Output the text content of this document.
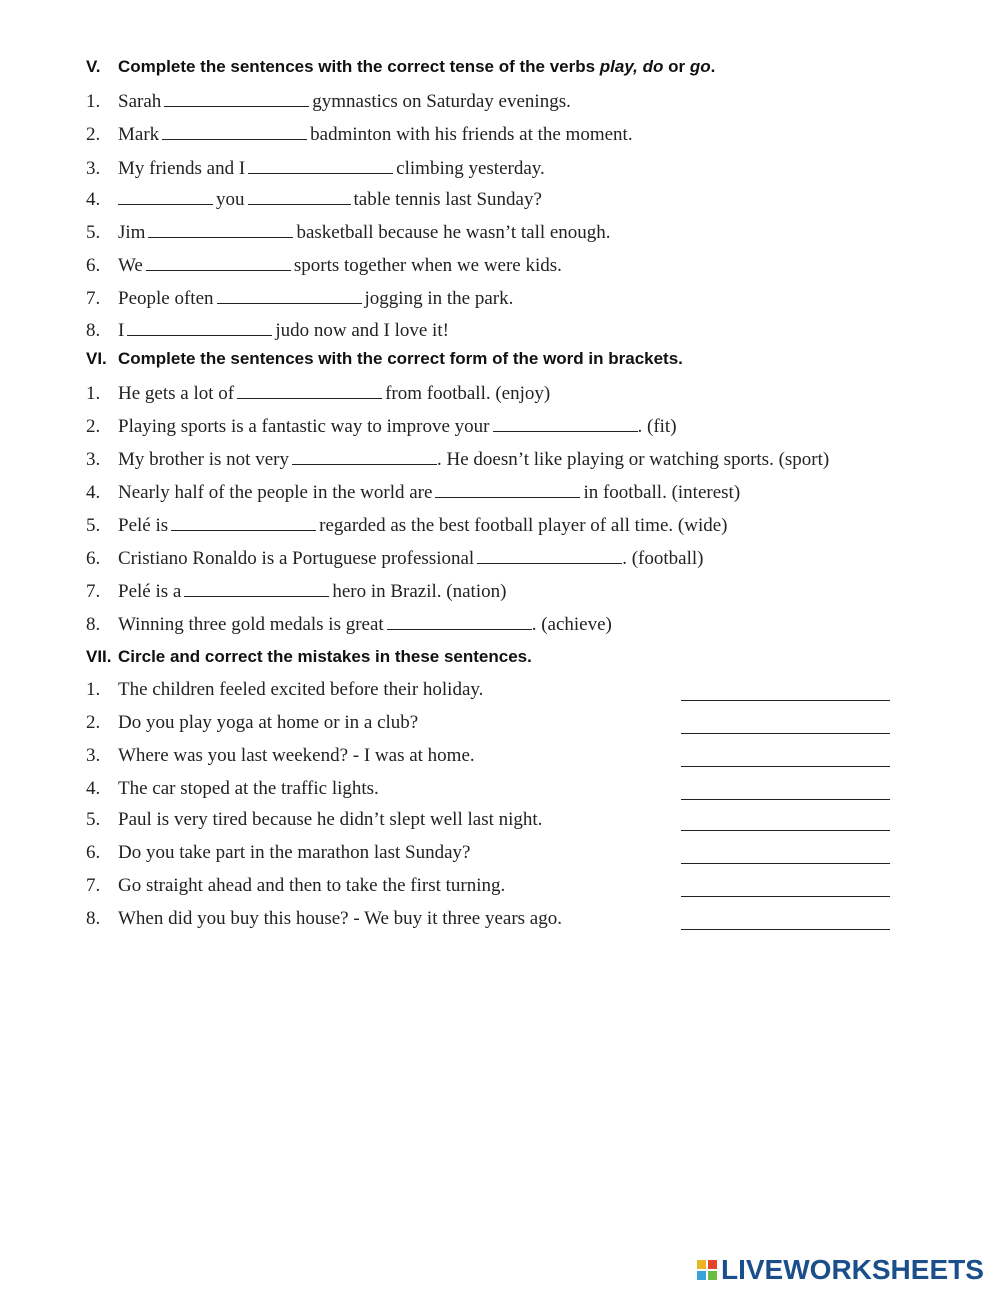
V. Complete the sentences with the correct tense of the verbs play, do or go.
1. Sarah	gymnastics on Saturday evenings.
2. Mark	badminton with his friends at the moment.
3. My friends and I	climbing yesterday.
4.	you	table tennis last Sunday?
5. Jim	basketball because he wasn’t tall enough.
6. We	sports together when we were kids.
7. People often	jogging in the park.
8. I	judo now and I love it!
VI. Complete the sentences with the correct form of the word in brackets.
1. He gets a lot of	from football. (enjoy)
2. Playing sports is a fantastic way to improve your	. (fit)
3. My brother is not very	. He doesn’t like playing or watching sports. (sport)
4. Nearly half of the people in the world are	in football. (interest)
5. Pelé is	regarded as the best football player of all time. (wide)
6. Cristiano Ronaldo is a Portuguese professional	. (football)
7. Pelé is a	hero in Brazil. (nation)
8. Winning three gold medals is great	. (achieve)
VII. Circle and correct the mistakes in these sentences.
1. The children feeled excited before their holiday.
2. Do you play yoga at home or in a club?
3. Where was you last weekend? - I was at home.
4. The car stoped at the traffic lights.
5. Paul is very tired because he didn’t slept well last night.
6. Do you take part in the marathon last Sunday?
7. Go straight ahead and then to take the first turning.
8. When did you buy this house? - We buy it three years ago.
LIVEWORKSHEETS
